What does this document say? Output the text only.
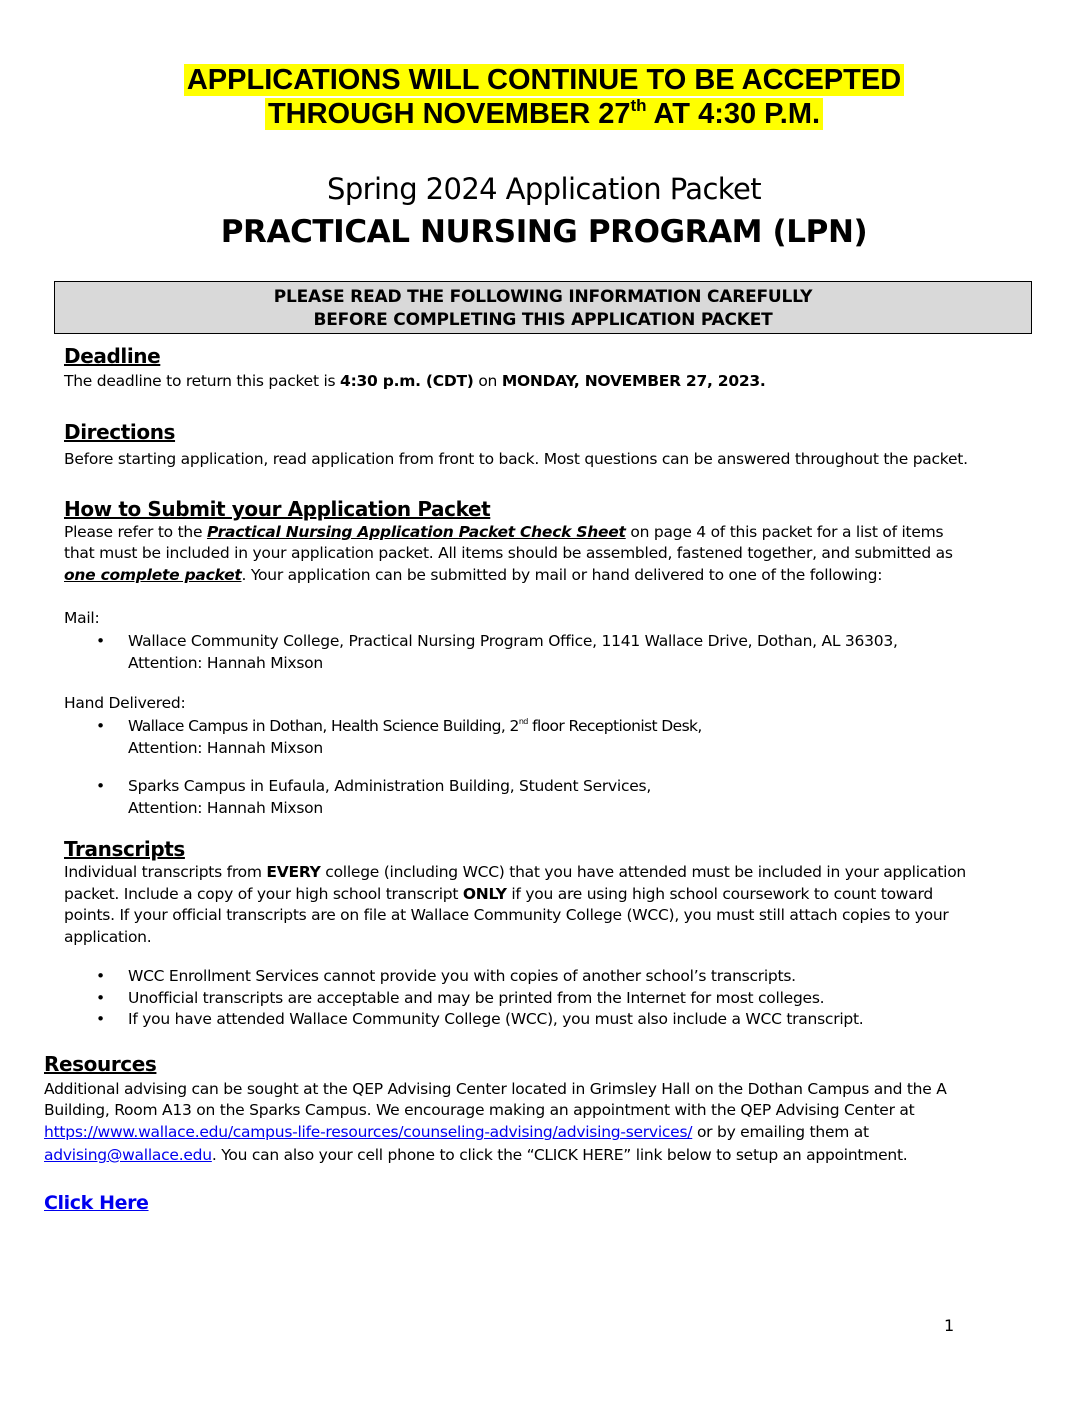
APPLICATIONS WILL CONTINUE TO BE ACCEPTED
THROUGH NOVEMBER 27th AT 4:30 P.M.
Spring 2024 Application Packet
PRACTICAL NURSING PROGRAM (LPN)
PLEASE READ THE FOLLOWING INFORMATION CAREFULLY
BEFORE COMPLETING THIS APPLICATION PACKET
Deadline

The deadline to return this packet is 4:30 p.m. (CDT) on MONDAY, NOVEMBER 27, 2023.

Directions

Before starting application, read application from front to back. Most questions can be answered throughout the packet.

How to Submit your Application Packet

Please refer to the Practical Nursing Application Packet Check Sheet on page 4 of this packet for a list of items

that must be included in your application packet. All items should be assembled, fastened together, and submitted as

one complete packet. Your application can be submitted by mail or hand delivered to one of the following:

Mail:

• Wallace Community College, Practical Nursing Program Office, 1141 Wallace Drive, Dothan, AL 36303,
Attention: Hannah Mixson

Hand Delivered:

• Wallace Campus in Dothan, Health Science Building, 2nd floor Receptionist Desk,
Attention: Hannah Mixson
• Sparks Campus in Eufaula, Administration Building, Student Services,
Attention: Hannah Mixson
Transcripts

Individual transcripts from EVERY college (including WCC) that you have attended must be included in your application

packet. Include a copy of your high school transcript ONLY if you are using high school coursework to count toward

points. If your official transcripts are on file at Wallace Community College (WCC), you must still attach copies to your

application.

• WCC Enrollment Services cannot provide you with copies of another school’s transcripts.
• Unofficial transcripts are acceptable and may be printed from the Internet for most colleges.
• If you have attended Wallace Community College (WCC), you must also include a WCC transcript.
Resources

Additional advising can be sought at the QEP Advising Center located in Grimsley Hall on the Dothan Campus and the A

Building, Room A13 on the Sparks Campus. We encourage making an appointment with the QEP Advising Center at

https://www.wallace.edu/campus-life-resources/counseling-advising/advising-services/ or by emailing them at

advising@wallace.edu. You can also your cell phone to click the “CLICK HERE” link below to setup an appointment.

Click Here
1
